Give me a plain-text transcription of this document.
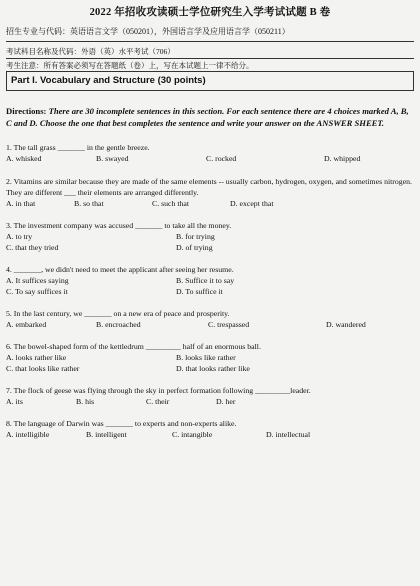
2022 年招收攻读硕士学位研究生入学考试试题 B 卷
招生专业与代码：英语语言文学（050201），外国语言学及应用语言学（050211）
考试科目名称及代码：外语（英）水平考试（706）
考生注意：所有答案必须写在答题纸（卷）上，写在本试题上一律不给分。
Part I. Vocabulary and Structure (30 points)
Directions: There are 30 incomplete sentences in this section. For each sentence there are 4 choices marked A, B, C and D. Choose the one that best completes the sentence and write your answer on the ANSWER SHEET.
1. The tall grass _______ in the gentle breeze.
A. whisked	B. swayed	C. rocked	D. whipped
2. Vitamins are similar because they are made of the same elements -- usually carbon, hydrogen, oxygen, and sometimes nitrogen. They are different ___ their elements are arranged differently.
A. in that	B. so that	C. such that	D. except that
3. The investment company was accused _______ to take all the money.
A. to try	B. for trying
C. that they tried	D. of trying
4. _______, we didn't need to meet the applicant after seeing her resume.
A. It suffices saying	B. Suffice it to say
C. To say suffices it	D. To suffice it
5. In the last century, we _______ on a new era of peace and prosperity.
A. embarked	B. encroached	C. trespassed	D. wandered
6. The bowel-shaped form of the kettledrum _________ half of an enormous ball.
A. looks rather like	B. looks like rather
C. that looks like rather	D. that looks rather like
7. The flock of geese was flying through the sky in perfect formation following _________leader.
A. its	B. his	C. their	D. her
8. The language of Darwin was _______ to experts and non-experts alike.
A. intelligible	B. intelligent	C. intangible	D. intellectual
